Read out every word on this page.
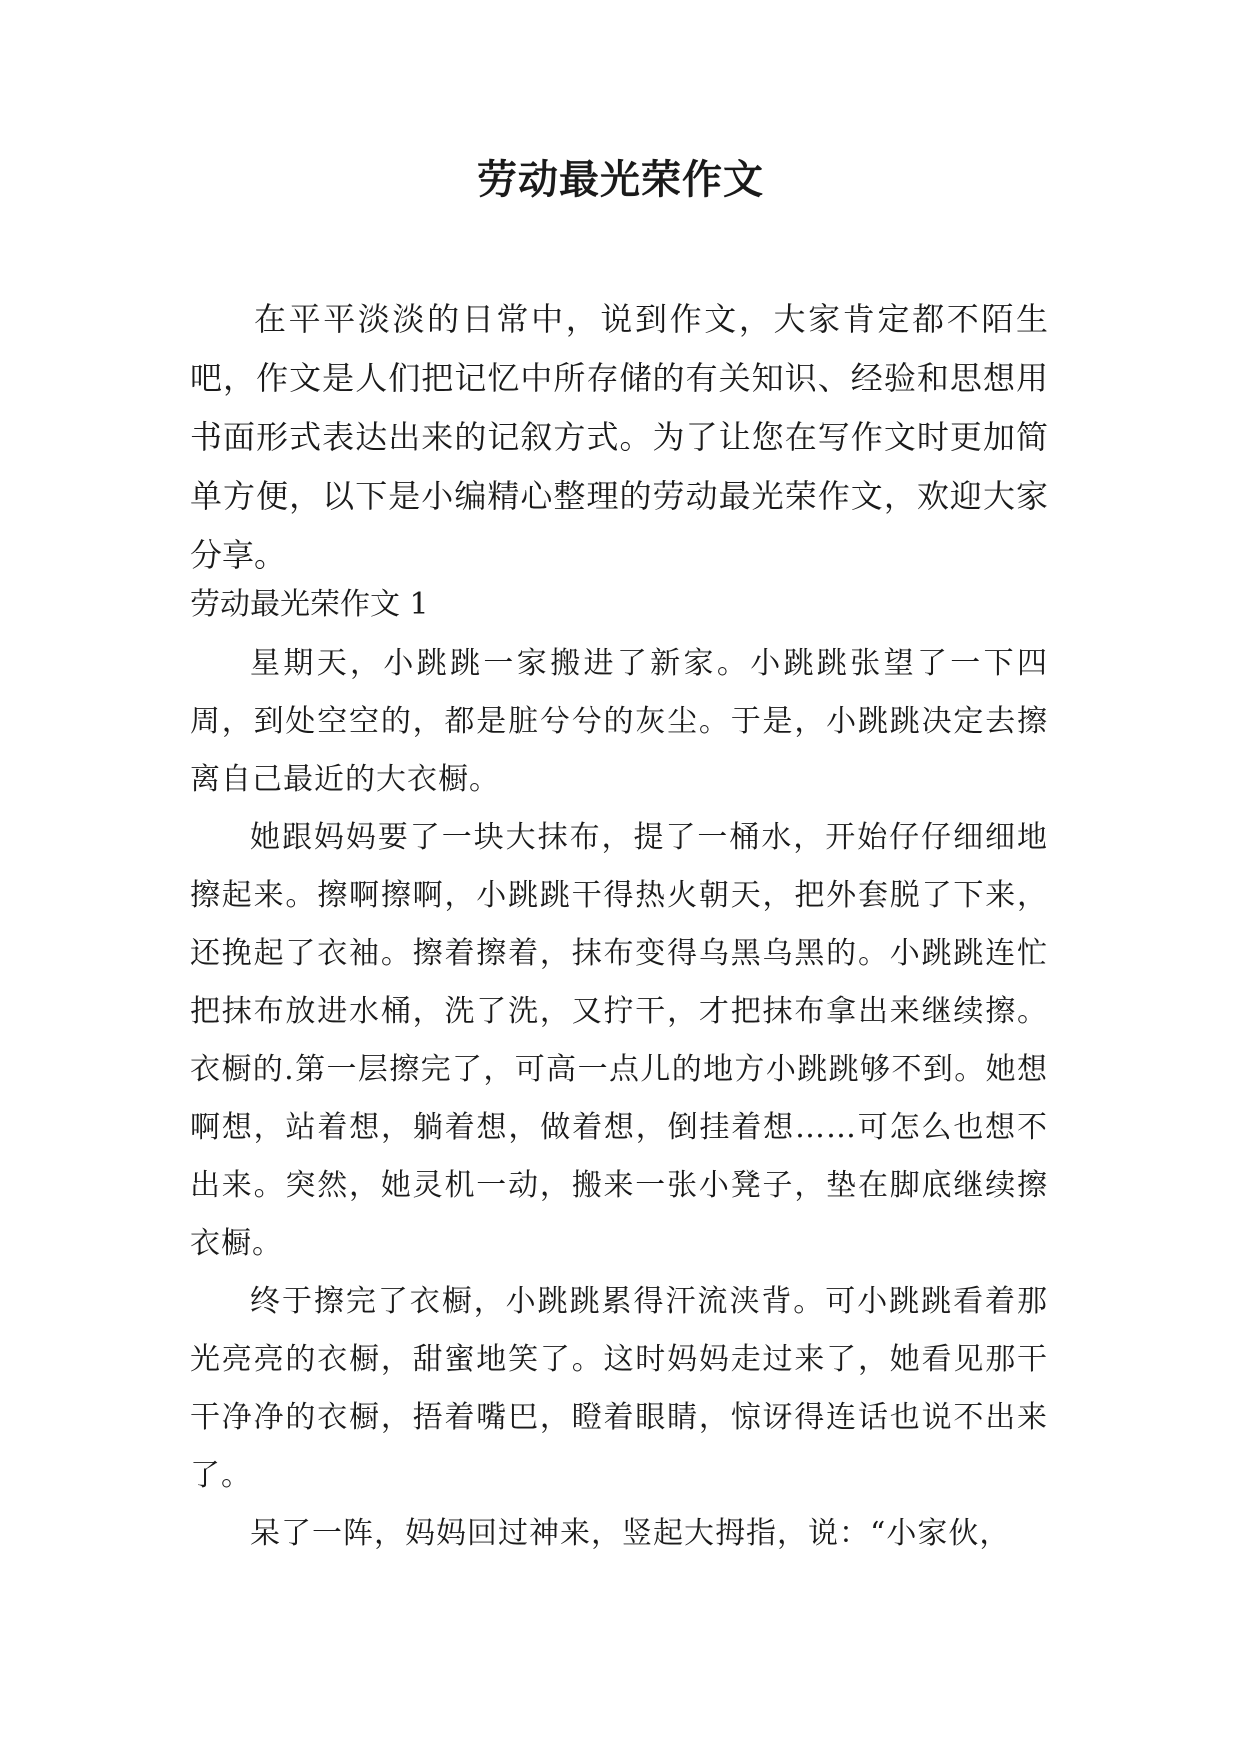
劳动最光荣作文

在平平淡淡的日常中，说到作文，大家肯定都不陌生吧，作文是人们把记忆中所存储的有关知识、经验和思想用书面形式表达出来的记叙方式。为了让您在写作文时更加简单方便，以下是小编精心整理的劳动最光荣作文，欢迎大家分享。

劳动最光荣作文 1

星期天，小跳跳一家搬进了新家。小跳跳张望了一下四周，到处空空的，都是脏兮兮的灰尘。于是，小跳跳决定去擦离自己最近的大衣橱。

她跟妈妈要了一块大抹布，提了一桶水，开始仔仔细细地擦起来。擦啊擦啊，小跳跳干得热火朝天，把外套脱了下来，还挽起了衣袖。擦着擦着，抹布变得乌黑乌黑的。小跳跳连忙把抹布放进水桶，洗了洗，又拧干，才把抹布拿出来继续擦。衣橱的.第一层擦完了，可高一点儿的地方小跳跳够不到。她想啊想，站着想，躺着想，做着想，倒挂着想……可怎么也想不出来。突然，她灵机一动，搬来一张小凳子，垫在脚底继续擦衣橱。

终于擦完了衣橱，小跳跳累得汗流浃背。可小跳跳看着那光亮亮的衣橱，甜蜜地笑了。这时妈妈走过来了，她看见那干干净净的衣橱，捂着嘴巴，瞪着眼睛，惊讶得连话也说不出来了。

呆了一阵，妈妈回过神来，竖起大拇指，说：“小家伙，
